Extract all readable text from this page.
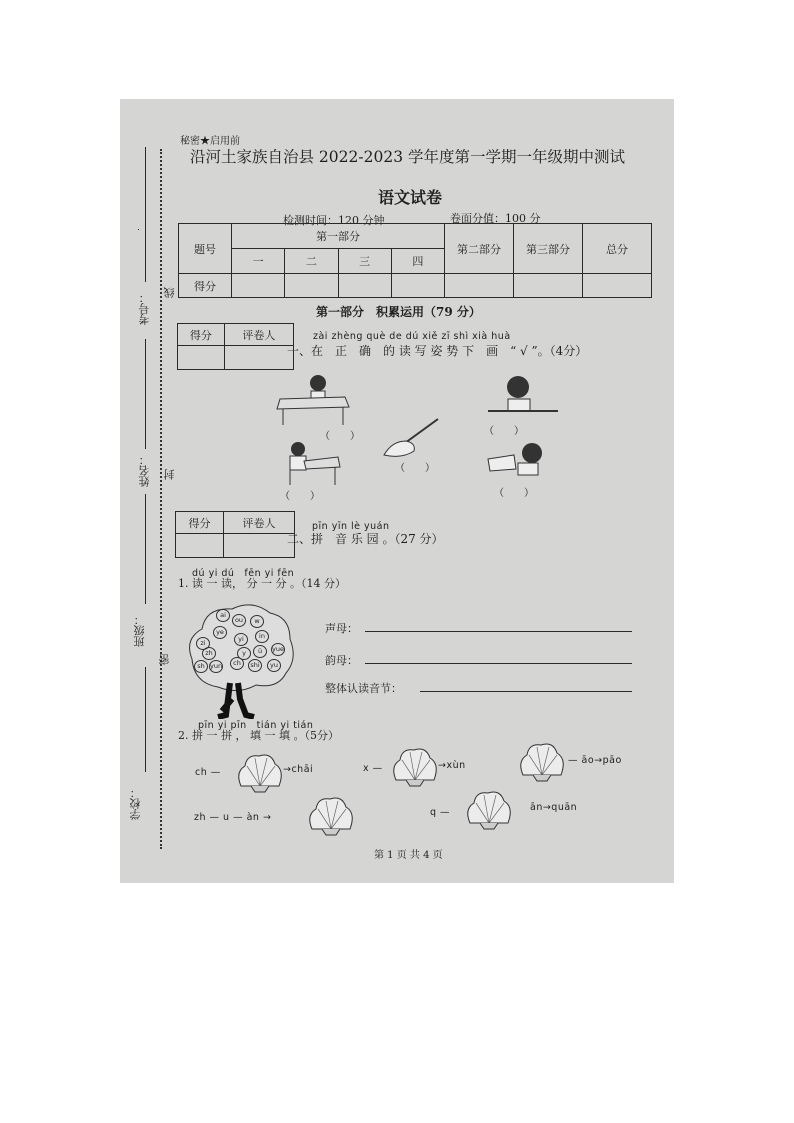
秘密★启用前
考号： 线
姓名： 封
班级：
密
学校：
沿河土家族自治县 2022-2023 学年度第一学期一年级期中测试
语文试卷
检测时间：120 分钟	卷面分值：100 分
题号	第一部分				第二部分	第三部分	总分
	一	二	三	四			
得分							
第一部分　积累运用（79 分）
得分	评卷人
		zài zhèng què de dú xiě zī shì xià huà
一、在　正　确　的 读 写 姿 势 下　画　“ √ ”。（4分）
（　　）	（　　）
（　　）
（　　）
（　　）
得分	评卷人
		pīn yīn lè yuán
二、拼　音 乐 园 。（27 分）
dú yi dú　fēn yi fēn
1. 读 一 读， 分 一 分 。（14 分）
ai
ou	w
ye
yi	in
yue
zi
y	ü
sh yun	ch	shi	yu
zh
声母：
韵母：
整体认读音节：
pīn yi pīn　tián yi tián
2. 拼 一 拼 ， 填 一 填 。（5分）
ch —	→chāi	x —	→xùn	— āo→pāo
zh — u — àn →	q —	ān→quān
第 1 页 共 4 页
